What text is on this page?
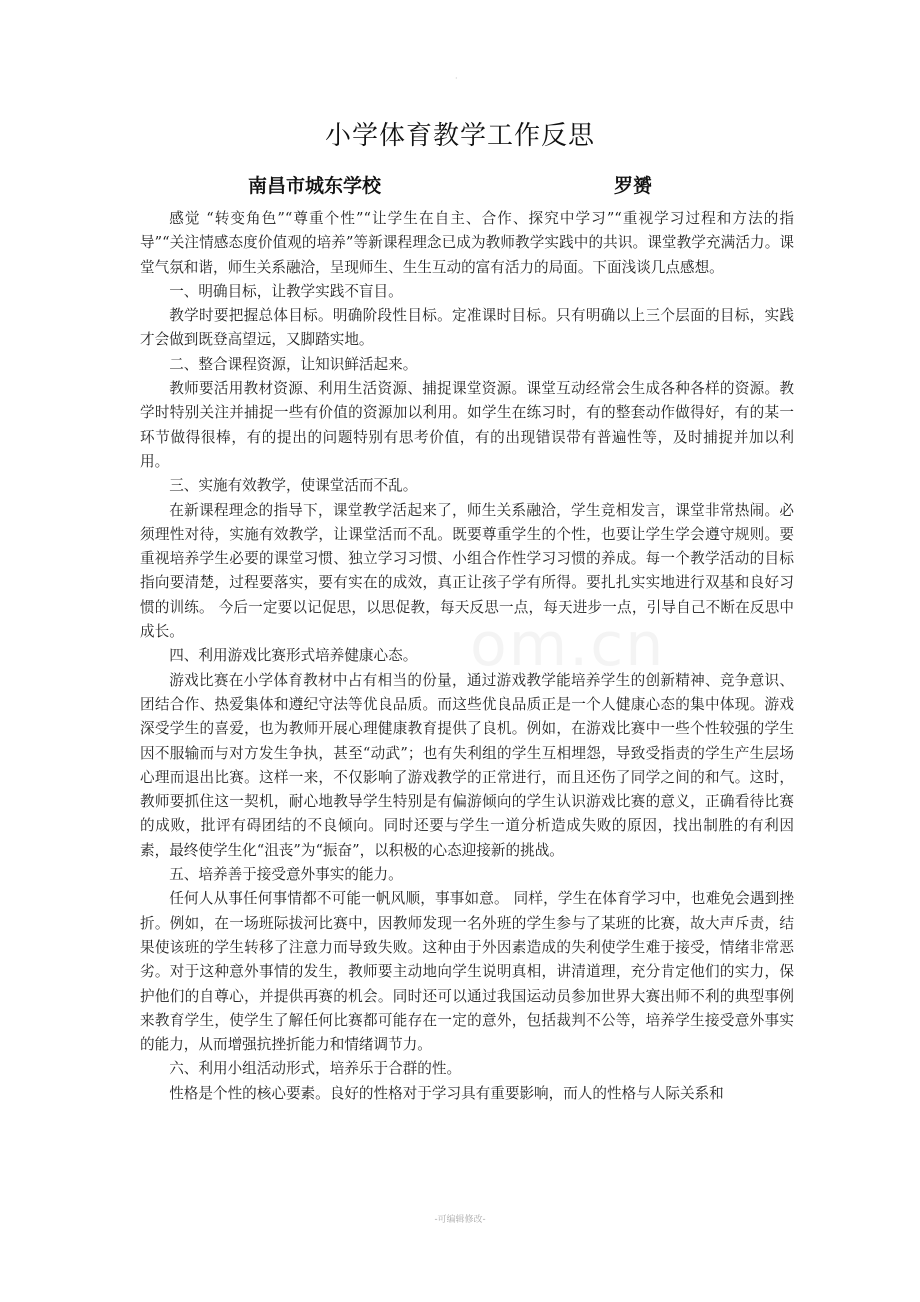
·
小学体育教学工作反思
南昌市城东学校	罗赟

感觉 “转变角色”“尊重个性”“让学生在自主、合作、探究中学习”“重视学习过程和方法的指导”“关注情感态度价值观的培养”等新课程理念已成为教师教学实践中的共识。课堂教学充满活力。课堂气氛和谐，师生关系融洽，呈现师生、生生互动的富有活力的局面。下面浅谈几点感想。

一、明确目标，让教学实践不盲目。

教学时要把握总体目标。明确阶段性目标。定准课时目标。只有明确以上三个层面的目标，实践才会做到既登高望远，又脚踏实地。

二、整合课程资源，让知识鲜活起来。

教师要活用教材资源、利用生活资源、捕捉课堂资源。课堂互动经常会生成各种各样的资源。教学时特别关注并捕捉一些有价值的资源加以利用。如学生在练习时，有的整套动作做得好，有的某一环节做得很棒，有的提出的问题特别有思考价值，有的出现错误带有普遍性等，及时捕捉并加以利用。

三、实施有效教学，使课堂活而不乱。

在新课程理念的指导下，课堂教学活起来了，师生关系融洽，学生竞相发言，课堂非常热闹。必须理性对待，实施有效教学，让课堂活而不乱。既要尊重学生的个性，也要让学生学会遵守规则。要重视培养学生必要的课堂习惯、独立学习习惯、小组合作性学习习惯的养成。每一个教学活动的目标指向要清楚，过程要落实，要有实在的成效，真正让孩子学有所得。要扎扎实实地进行双基和良好习惯的训练。 今后一定要以记促思，以思促教，每天反思一点，每天进步一点，引导自己不断在反思中成长。

四、利用游戏比赛形式培养健康心态。

游戏比赛在小学体育教材中占有相当的份量，通过游戏教学能培养学生的创新精神、竞争意识、团结合作、热爱集体和遵纪守法等优良品质。而这些优良品质正是一个人健康心态的集中体现。游戏深受学生的喜爱，也为教师开展心理健康教育提供了良机。例如，在游戏比赛中一些个性较强的学生因不服输而与对方发生争执，甚至“动武”；也有失利组的学生互相埋怨，导致受指责的学生产生层场心理而退出比赛。这样一来，不仅影响了游戏教学的正常进行，而且还伤了同学之间的和气。这时，教师要抓住这一契机，耐心地教导学生特别是有偏游倾向的学生认识游戏比赛的意义，正确看待比赛的成败，批评有碍团结的不良倾向。同时还要与学生一道分析造成失败的原因，找出制胜的有利因素，最终使学生化“沮丧”为“振奋”，以积极的心态迎接新的挑战。

五、培养善于接受意外事实的能力。

任何人从事任何事情都不可能一帆风顺，事事如意。 同样，学生在体育学习中，也难免会遇到挫折。例如，在一场班际拔河比赛中，因教师发现一名外班的学生参与了某班的比赛，故大声斥责，结果使该班的学生转移了注意力而导致失败。这种由于外因素造成的失利使学生难于接受，情绪非常恶劣。对于这种意外事情的发生，教师要主动地向学生说明真相，讲清道理，充分肯定他们的实力，保护他们的自尊心，并提供再赛的机会。同时还可以通过我国运动员参加世界大赛出师不利的典型事例来教育学生，使学生了解任何比赛都可能存在一定的意外，包括裁判不公等，培养学生接受意外事实的能力，从而增强抗挫折能力和情绪调节力。

六、利用小组活动形式，培养乐于合群的性。

性格是个性的核心要素。良好的性格对于学习具有重要影响，而人的性格与人际关系和

om.cn
-可编辑修改-
